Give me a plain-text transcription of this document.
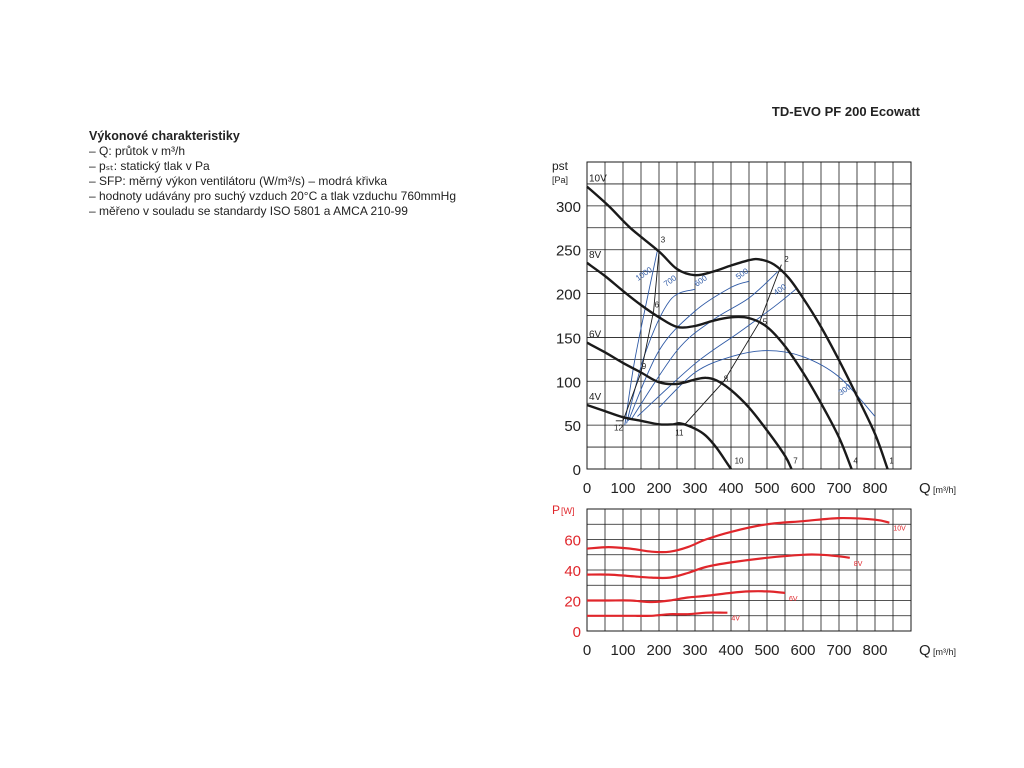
TD-EVO PF 200 Ecowatt
Výkonové charakteristiky
– Q: průtok v m³/h
– pₛₜ: statický tlak v Pa
– SFP: měrný výkon ventilátoru (W/m³/s) – modrá křivka
– hodnoty udávány pro suchý vzduch 20°C a tlak vzduchu 760mmHg
– měřeno v souladu se standardy ISO 5801 a AMCA 210-99
0 100 200 300 400 500 600 700 800
0
50
100
150
200
250
300
Q [m³/h]
pst
[Pa]
1000 700 600	500
400
300
10V
8V
6V
4V
3
2
6
5
9
8
12
11
1
4
7
10
0 100 200 300 400 500 600 700 800
0
20
40
60
Q [m³/h]
P [W]
10V
8V
6V
4V
